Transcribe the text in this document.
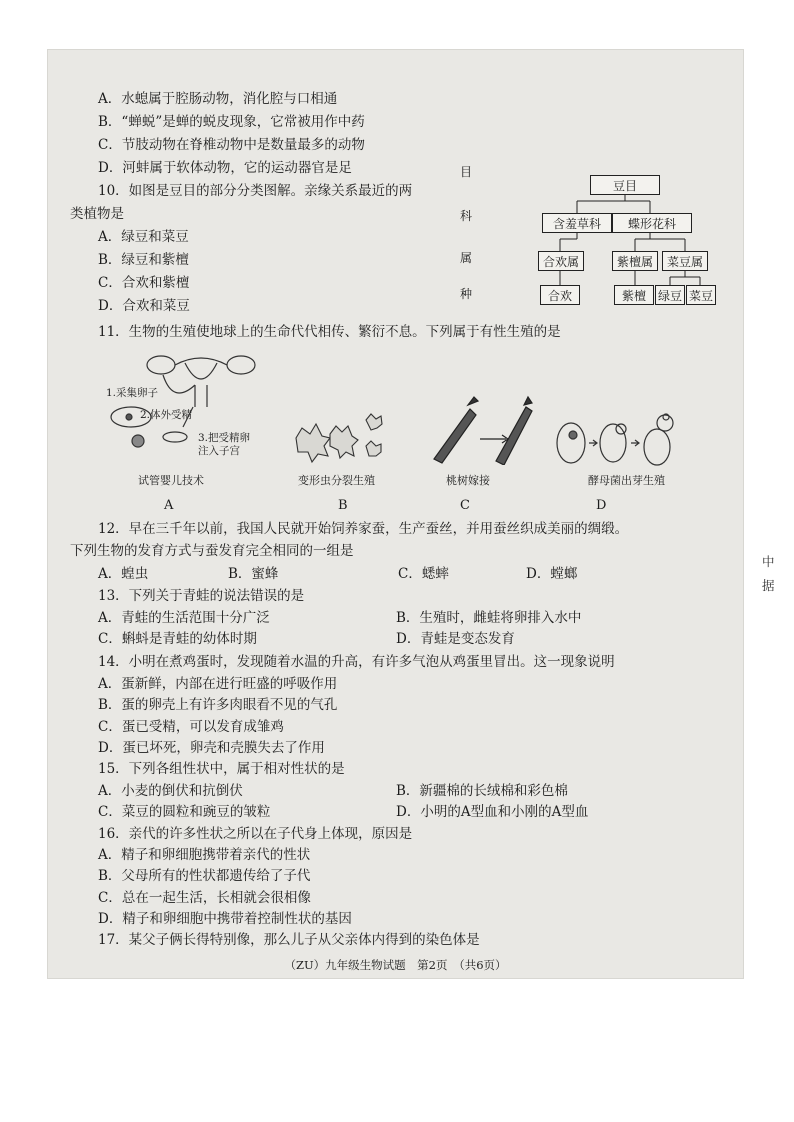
A．水螅属于腔肠动物，消化腔与口相通
B．“蝉蜕”是蝉的蜕皮现象，它常被用作中药
C．节肢动物在脊椎动物中是数量最多的动物
D．河蚌属于软体动物，它的运动器官是足
10．如图是豆目的部分分类图解。亲缘关系最近的两
类植物是
A．绿豆和菜豆
B．绿豆和紫檀
C．合欢和紫檀
D．合欢和菜豆
目
科
属
种
豆目
含羞草科	蝶形花科
合欢属	紫檀属	菜豆属
合欢	紫檀 绿豆 菜豆
11．生物的生殖使地球上的生命代代相传、繁衍不息。下列属于有性生殖的是
1.采集卵子
2.体外受精
3.把受精卵
注入子宫
试管婴儿技术
A
变形虫分裂生殖
B
桃树嫁接
C
酵母菌出芽生殖
D
12．早在三千年以前，我国人民就开始饲养家蚕，生产蚕丝，并用蚕丝织成美丽的绸缎。
下列生物的发育方式与蚕发育完全相同的一组是
A．蝗虫	B．蜜蜂	C．蟋蟀	D．螳螂
13．下列关于青蛙的说法错误的是
A．青蛙的生活范围十分广泛	B．生殖时，雌蛙将卵排入水中
C．蝌蚪是青蛙的幼体时期	D．青蛙是变态发育
14．小明在煮鸡蛋时，发现随着水温的升高，有许多气泡从鸡蛋里冒出。这一现象说明
A．蛋新鲜，内部在进行旺盛的呼吸作用
B．蛋的卵壳上有许多肉眼看不见的气孔
C．蛋已受精，可以发育成雏鸡
D．蛋已坏死，卵壳和壳膜失去了作用
15．下列各组性状中，属于相对性状的是
A．小麦的倒伏和抗倒伏	B．新疆棉的长绒棉和彩色棉
C．菜豆的圆粒和豌豆的皱粒	D．小明的A型血和小刚的A型血
16．亲代的许多性状之所以在子代身上体现，原因是
A．精子和卵细胞携带着亲代的性状
B．父母所有的性状都遗传给了子代
C．总在一起生活，长相就会很相像
D．精子和卵细胞中携带着控制性状的基因
17．某父子俩长得特别像，那么儿子从父亲体内得到的染色体是
（ZU）九年级生物试题　第2页　（共6页）
中
据
